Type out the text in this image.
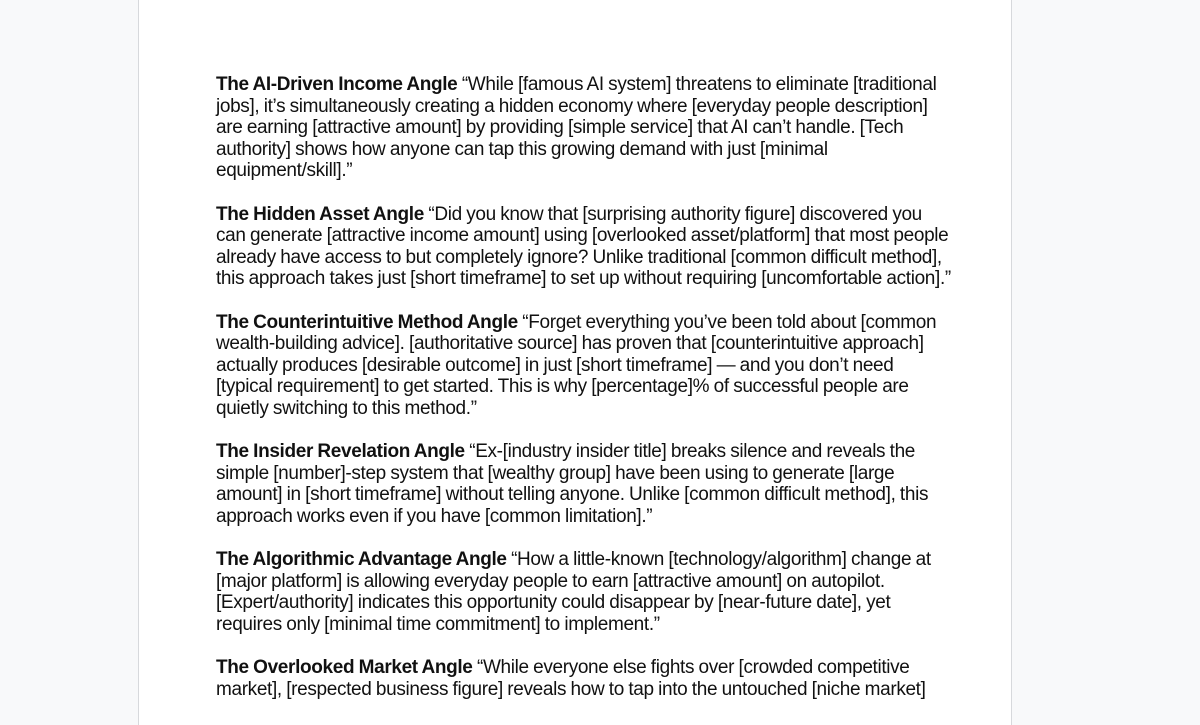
The AI-Driven Income Angle “While [famous AI system] threatens to eliminate [traditional jobs], it’s simultaneously creating a hidden economy where [everyday people description] are earning [attractive amount] by providing [simple service] that AI can’t handle. [Tech authority] shows how anyone can tap this growing demand with just [minimal equipment/skill].”

The Hidden Asset Angle “Did you know that [surprising authority figure] discovered you can generate [attractive income amount] using [overlooked asset/platform] that most people already have access to but completely ignore? Unlike traditional [common difficult method], this approach takes just [short timeframe] to set up without requiring [uncomfortable action].”

The Counterintuitive Method Angle “Forget everything you’ve been told about [common wealth-building advice]. [authoritative source] has proven that [counterintuitive approach] actually produces [desirable outcome] in just [short timeframe] — and you don’t need [typical requirement] to get started. This is why [percentage]% of successful people are quietly switching to this method.”

The Insider Revelation Angle “Ex-[industry insider title] breaks silence and reveals the simple [number]-step system that [wealthy group] have been using to generate [large amount] in [short timeframe] without telling anyone. Unlike [common difficult method], this approach works even if you have [common limitation].”

The Algorithmic Advantage Angle “How a little-known [technology/algorithm] change at [major platform] is allowing everyday people to earn [attractive amount] on autopilot. [Expert/authority] indicates this opportunity could disappear by [near-future date], yet requires only [minimal time commitment] to implement.”

The Overlooked Market Angle “While everyone else fights over [crowded competitive market], [respected business figure] reveals how to tap into the untouched [niche market]
